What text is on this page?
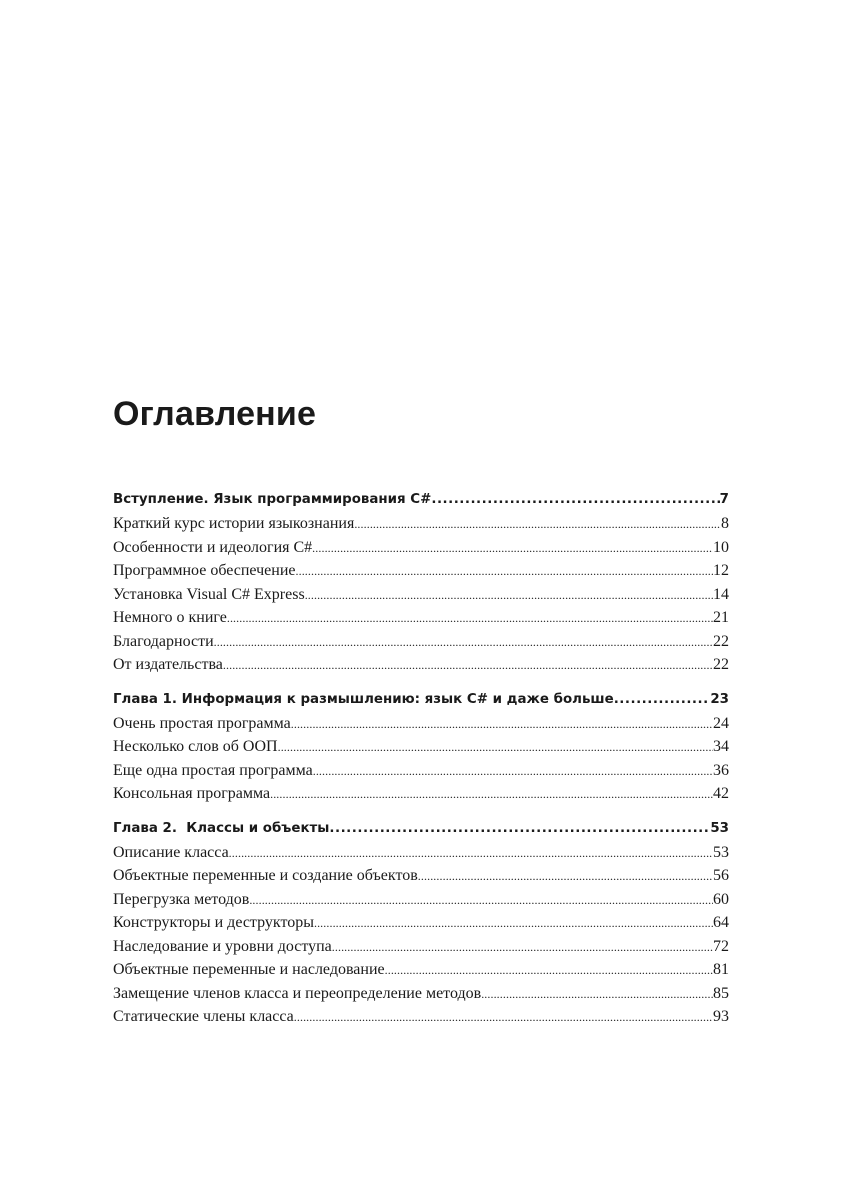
Оглавление
Вступление. Язык программирования C# .....	7
Краткий курс истории языкознания .....	8
Особенности и идеология C# .....	10
Программное обеспечение .....	12
Установка Visual C# Express .....	14
Немного о книге .....	21
Благодарности .....	22
От издательства .....	22
Глава 1. Информация к размышлению: язык C# и даже больше .....	23
Очень простая программа .....	24
Несколько слов об ООП .....	34
Еще одна простая программа .....	36
Консольная программа .....	42
Глава 2.  Классы и объекты .....	53
Описание класса .....	53
Объектные переменные и создание объектов .....	56
Перегрузка методов .....	60
Конструкторы и деструкторы .....	64
Наследование и уровни доступа .....	72
Объектные переменные и наследование .....	81
Замещение членов класса и переопределение методов .....	85
Статические члены класса .....	93
